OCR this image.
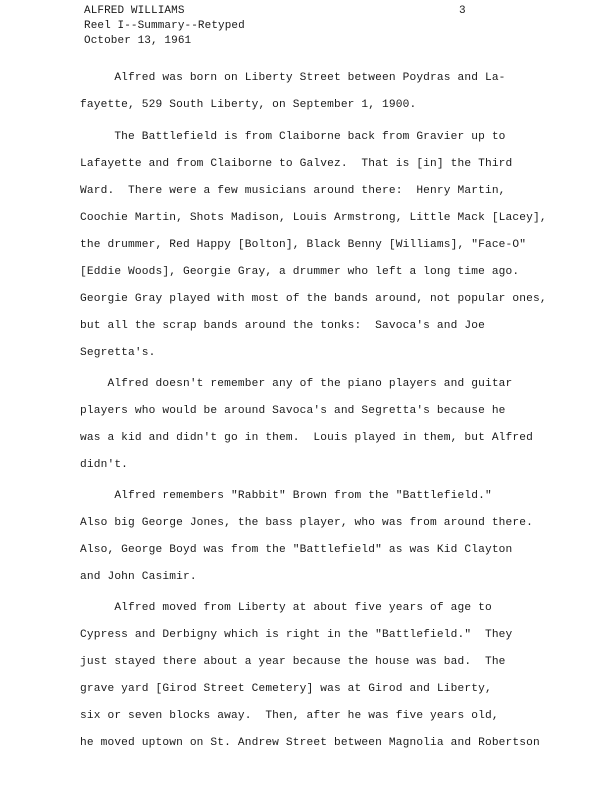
ALFRED WILLIAMS
Reel I--Summary--Retyped
October 13, 1961
3
Alfred was born on Liberty Street between Poydras and La-
fayette, 529 South Liberty, on September 1, 1900.
The Battlefield is from Claiborne back from Gravier up to
Lafayette and from Claiborne to Galvez.  That is [in] the Third
Ward.  There were a few musicians around there:  Henry Martin,
Coochie Martin, Shots Madison, Louis Armstrong, Little Mack [Lacey],
the drummer, Red Happy [Bolton], Black Benny [Williams], "Face-O"
[Eddie Woods], Georgie Gray, a drummer who left a long time ago.
Georgie Gray played with most of the bands around, not popular ones,
but all the scrap bands around the tonks:  Savoca's and Joe
Segretta's.
Alfred doesn't remember any of the piano players and guitar
players who would be around Savoca's and Segretta's because he
was a kid and didn't go in them.  Louis played in them, but Alfred
didn't.
Alfred remembers "Rabbit" Brown from the "Battlefield."
Also big George Jones, the bass player, who was from around there.
Also, George Boyd was from the "Battlefield" as was Kid Clayton
and John Casimir.
Alfred moved from Liberty at about five years of age to
Cypress and Derbigny which is right in the "Battlefield."  They
just stayed there about a year because the house was bad.  The
grave yard [Girod Street Cemetery] was at Girod and Liberty,
six or seven blocks away.  Then, after he was five years old,
he moved uptown on St. Andrew Street between Magnolia and Robertson
